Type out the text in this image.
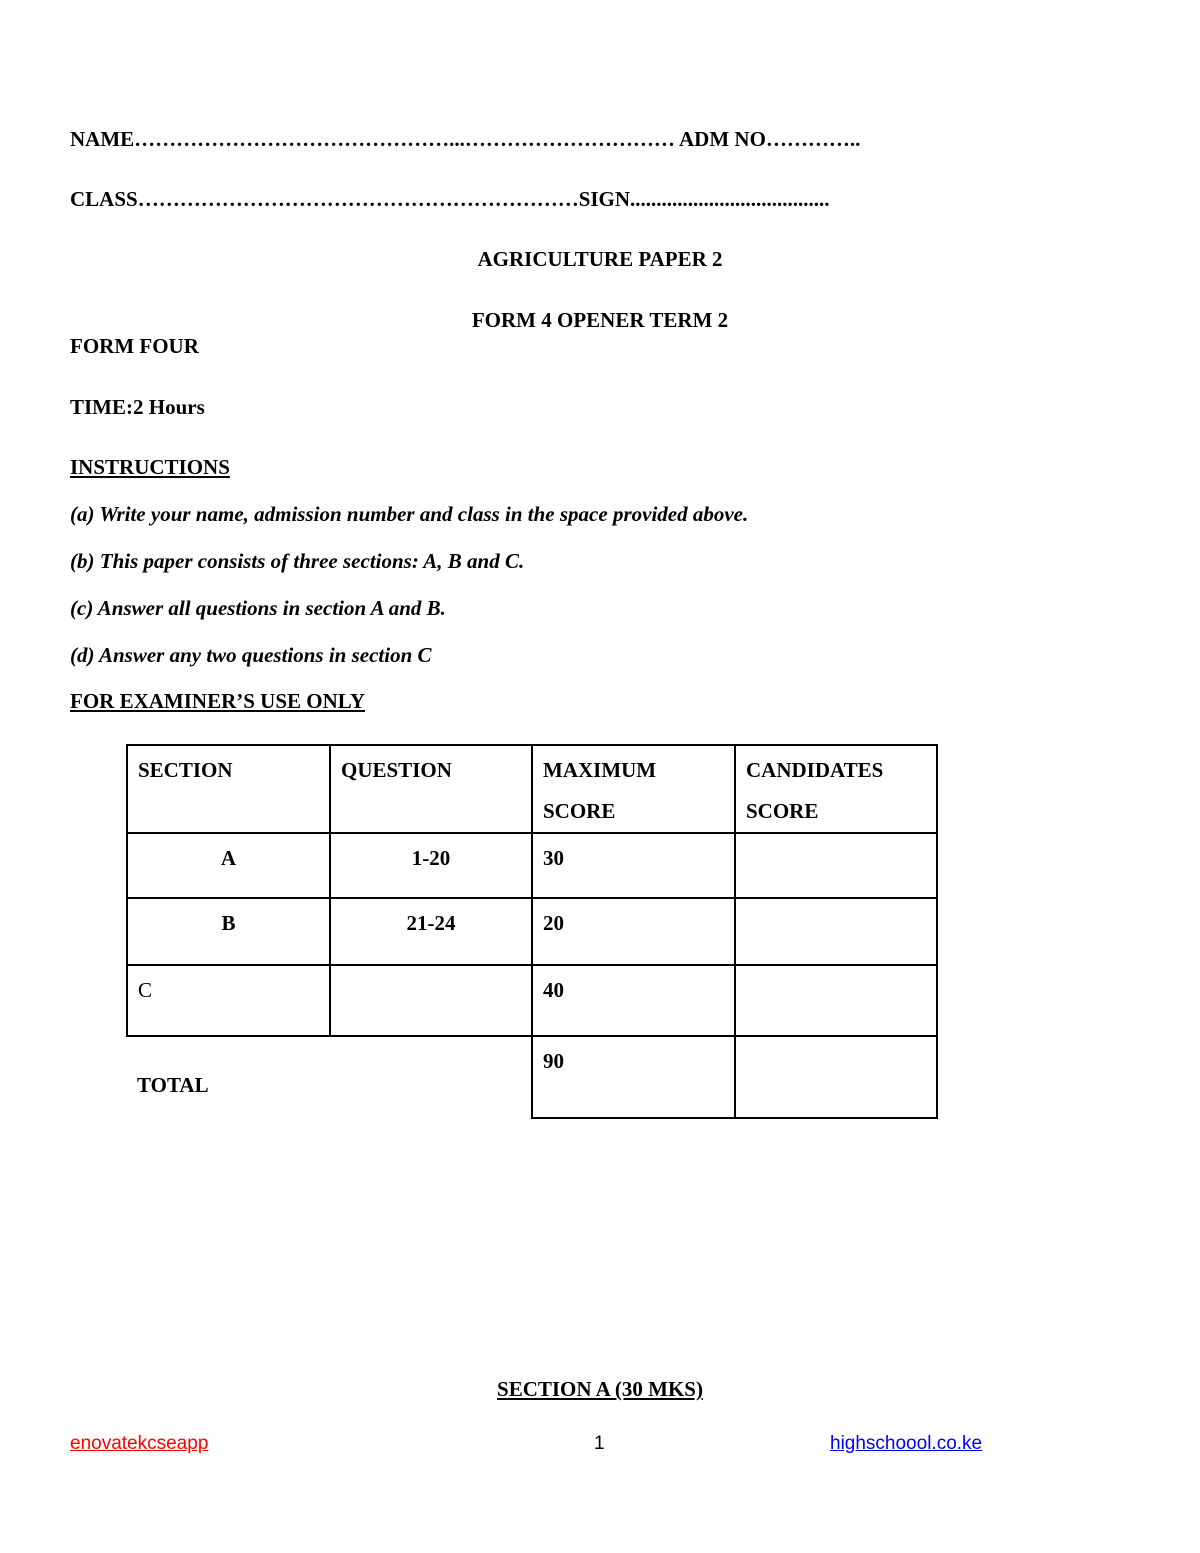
NAME………………………………………...………………………… ADM NO…………..
CLASS………………………………………………………SIGN......................................
AGRICULTURE PAPER 2
FORM 4 OPENER TERM 2
FORM FOUR
TIME:2 Hours
INSTRUCTIONS
(a) Write your name, admission number and class in the space provided above.
(b) This paper consists of three sections: A, B and C.
(c) Answer all questions in section A and B.
(d) Answer any two questions in section C
FOR EXAMINER’S USE ONLY
SECTION	QUESTION	MAXIMUM SCORE	CANDIDATES SCORE
A	1-20	30	
B	21-24	20	
C		40	
TOTAL		90	
SECTION A (30 MKS)
enovatekcseapp	1	highschoool.co.ke
